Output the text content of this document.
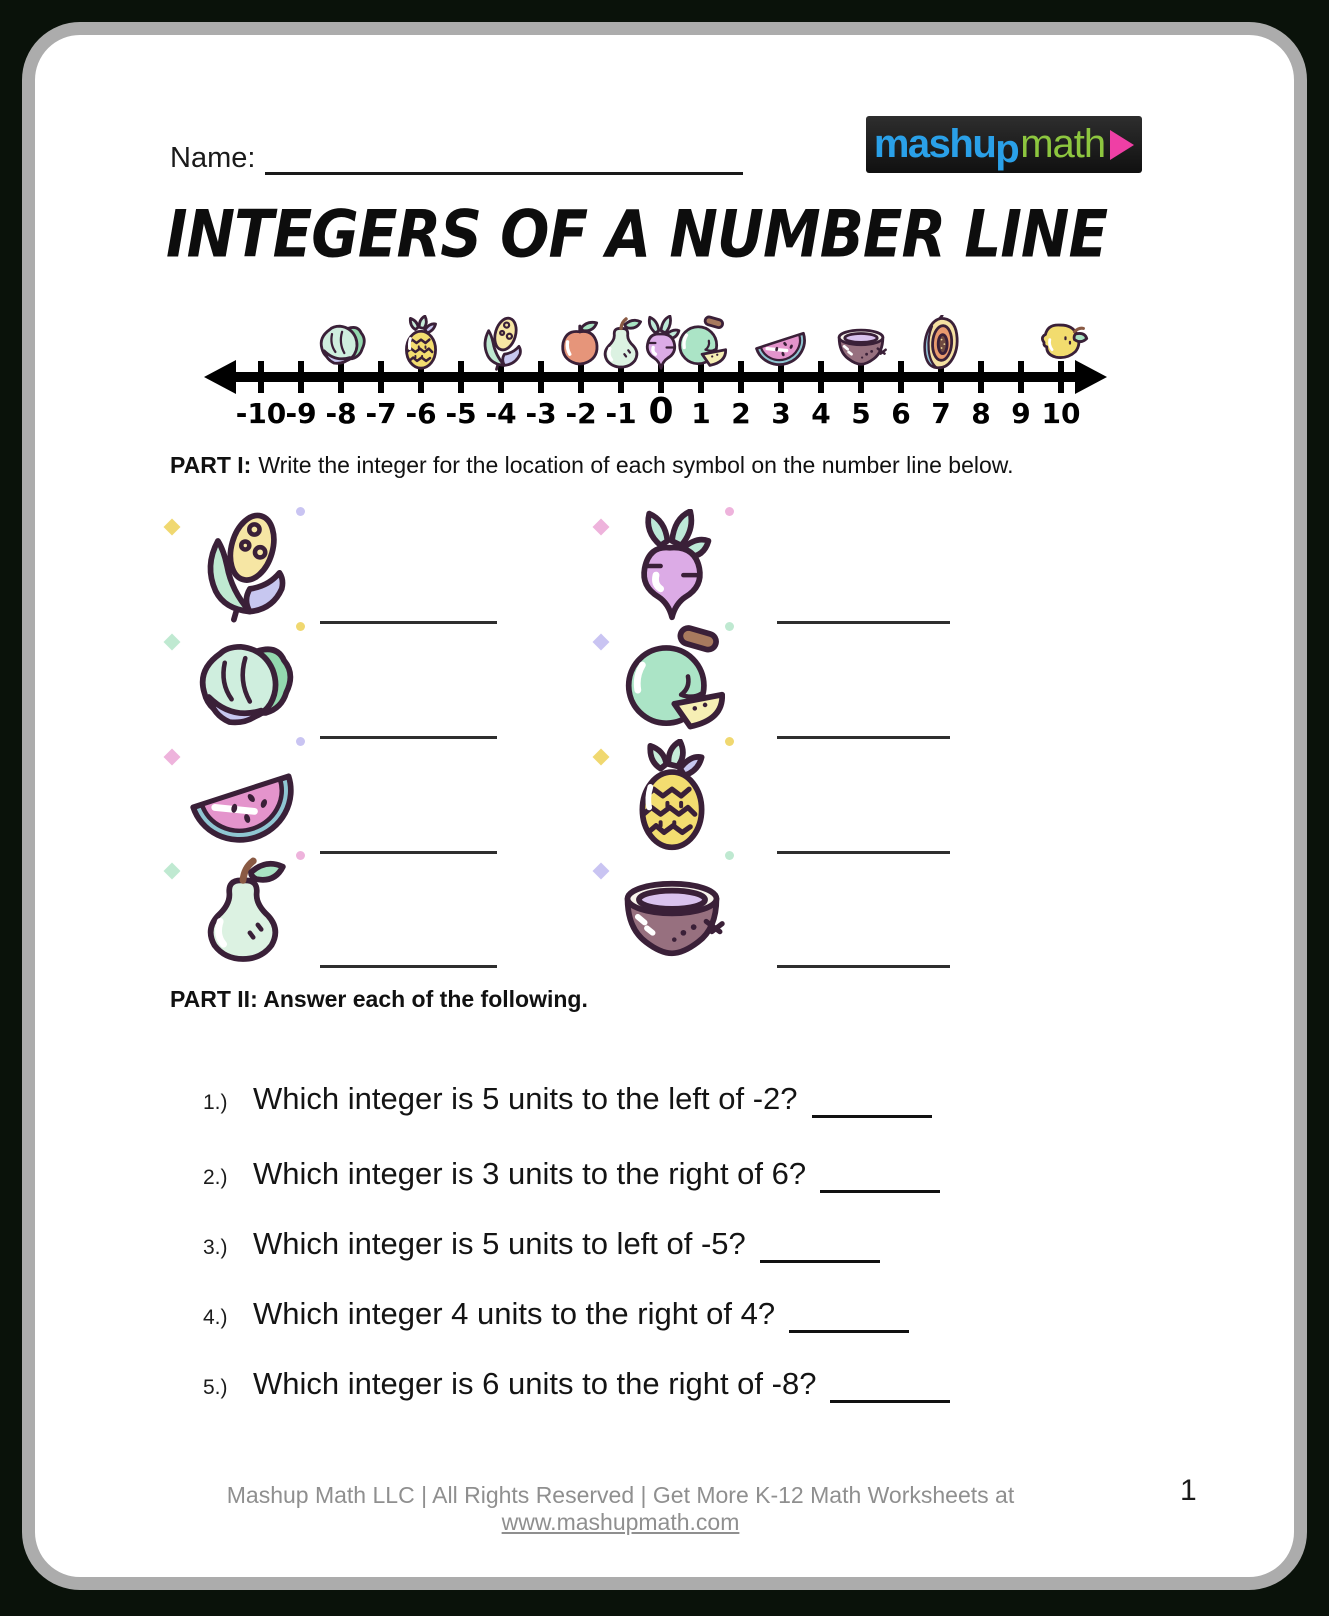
Name:	mashup math
INTEGERS OF A NUMBER LINE
-10 -9 -8 -7 -6 -5 -4 -3 -2 -1 0 1 2 3 4 5 6 7 8 9 10
PART I: Write the integer for the location of each symbol on the number line below.
PART II: Answer each of the following.
1.) Which integer is 5 units to the left of -2?
2.) Which integer is 3 units to the right of 6?
3.) Which integer is 5 units to left of -5?
4.) Which integer 4 units to the right of 4?
5.) Which integer is 6 units to the right of -8?
Mashup Math LLC | All Rights Reserved | Get More K-12 Math Worksheets at www.mashupmath.com
1
